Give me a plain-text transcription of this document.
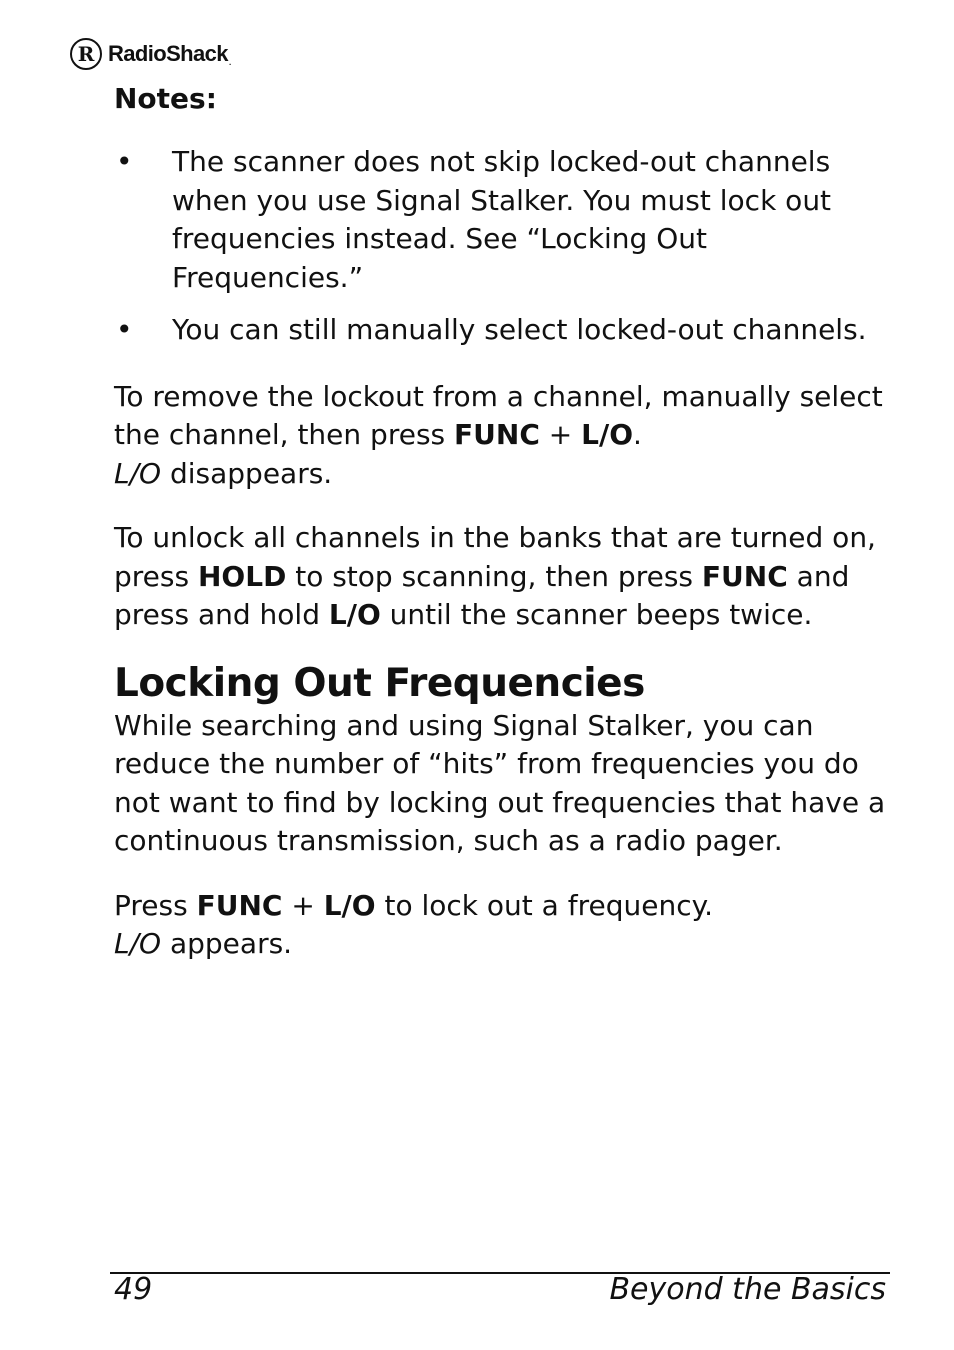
R RadioShack.
Notes:
• The scanner does not skip locked-out channels when you use Signal Stalker. You must lock out frequencies instead. See “Locking Out Frequencies.”
• You can still manually select locked-out channels.

To remove the lockout from a channel, manually select the channel, then press FUNC + L/O.
L/O disappears.

To unlock all channels in the banks that are turned on, press HOLD to stop scanning, then press FUNC and press and hold L/O until the scanner beeps twice.

Locking Out Frequencies

While searching and using Signal Stalker, you can reduce the number of “hits” from frequencies you do not want to find by locking out frequencies that have a continuous transmission, such as a radio pager.

Press FUNC + L/O to lock out a frequency.
L/O appears.

49	Beyond the Basics
